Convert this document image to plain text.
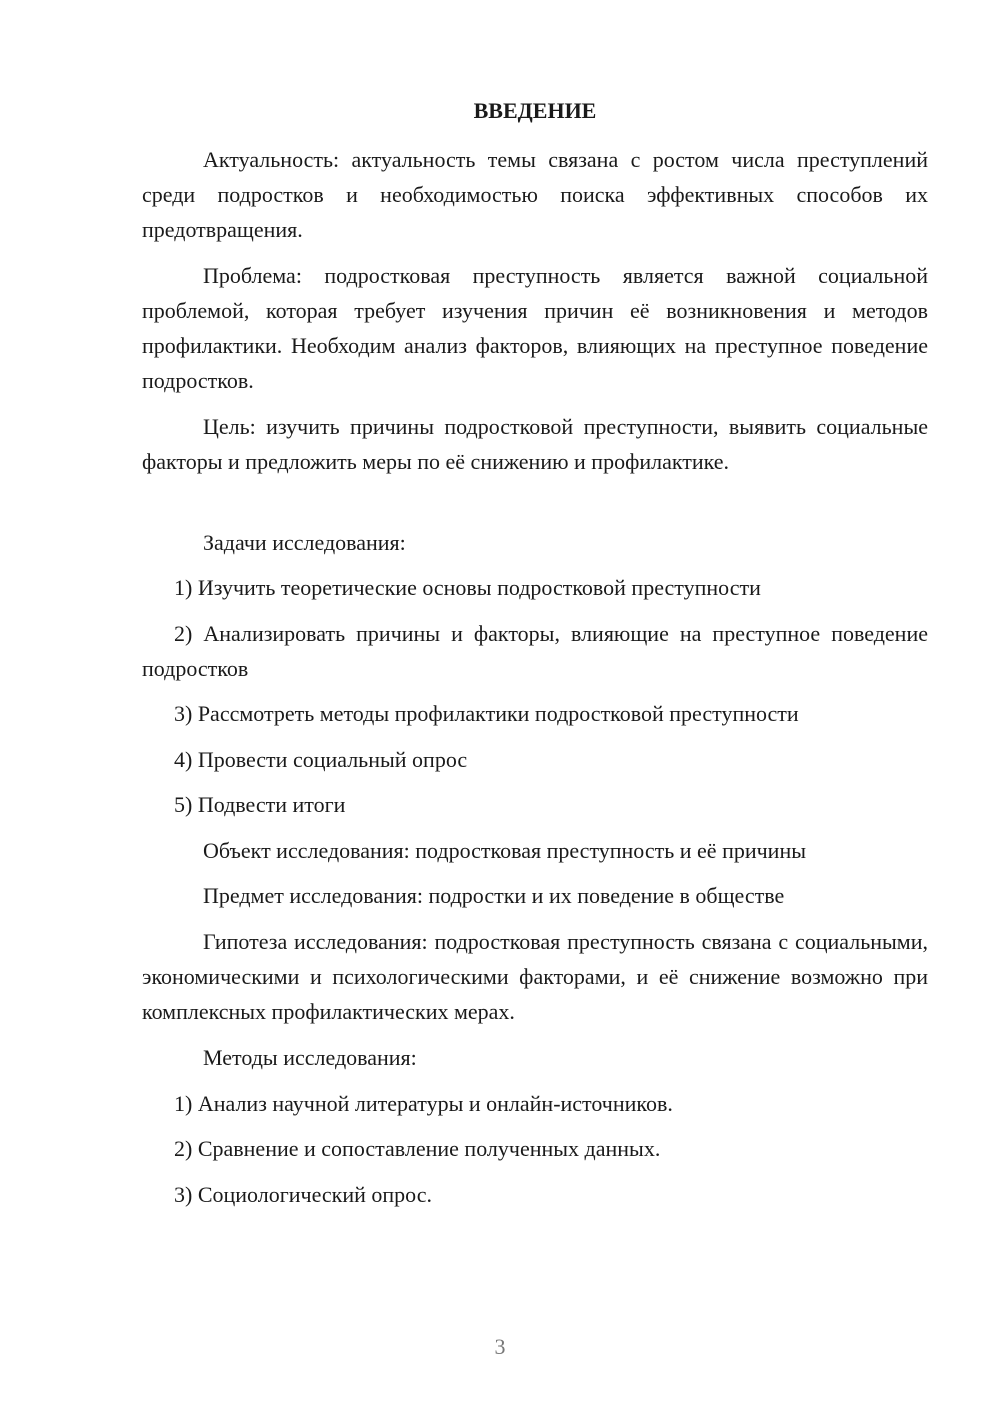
ВВЕДЕНИЕ

Актуальность: актуальность темы связана с ростом числа преступлений среди подростков и необходимостью поиска эффективных способов их предотвращения.

Проблема: подростковая преступность является важной социальной проблемой, которая требует изучения причин её возникновения и методов профилактики. Необходим анализ факторов, влияющих на преступное поведение подростков.

Цель: изучить причины подростковой преступности, выявить социальные факторы и предложить меры по её снижению и профилактике.

Задачи исследования:

1) Изучить теоретические основы подростковой преступности

2) Анализировать причины и факторы, влияющие на преступное поведение подростков

3) Рассмотреть методы профилактики подростковой преступности

4) Провести социальный опрос

5) Подвести итоги

Объект исследования: подростковая преступность и её причины

Предмет исследования: подростки и их поведение в обществе

Гипотеза исследования: подростковая преступность связана с социальными, экономическими и психологическими факторами, и её снижение возможно при комплексных профилактических мерах.

Методы исследования:

1) Анализ научной литературы и онлайн-источников.

2) Сравнение и сопоставление полученных данных.

3) Социологический опрос.

3
